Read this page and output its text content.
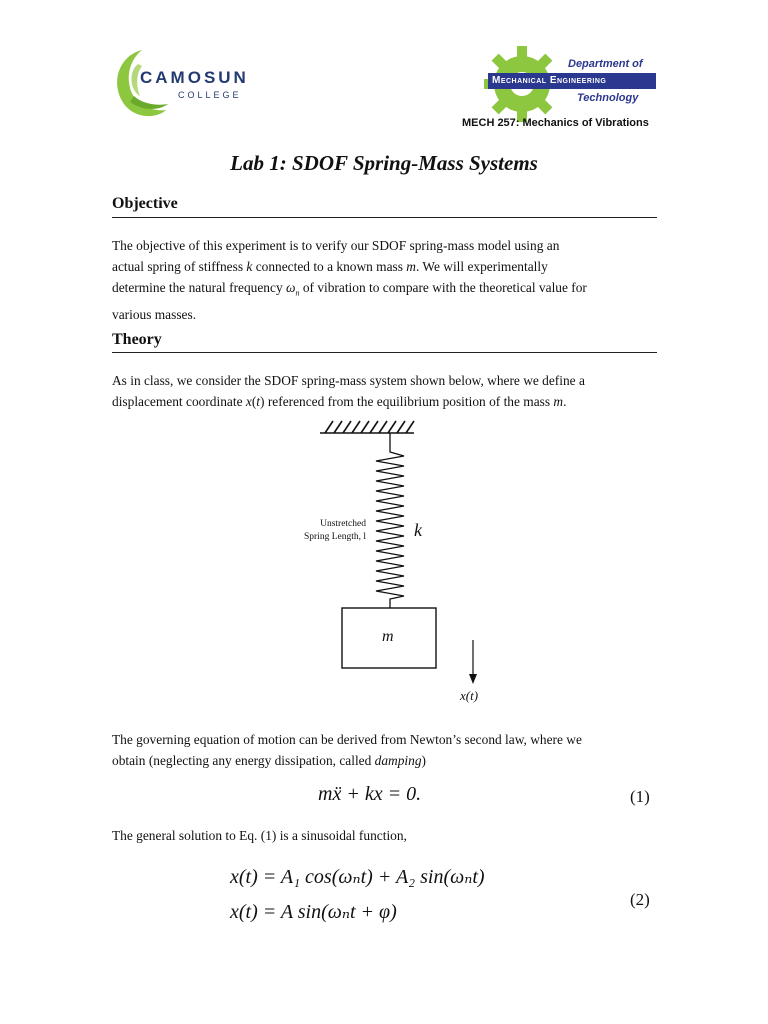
CAMOSUN
COLLEGE
Department of
Mechanical Engineering
Technology
MECH 257: Mechanics of Vibrations
Lab 1: SDOF Spring-Mass Systems
Objective
The objective of this experiment is to verify our SDOF spring-mass model using an
actual spring of stiffness k connected to a known mass m. We will experimentally
determine the natural frequency $\omega_n$ of vibration to compare with the theoretical value for
various masses.
Theory
As in class, we consider the SDOF spring-mass system shown below, where we define a
displacement coordinate x(t) referenced from the equilibrium position of the mass m.
Unstretched
Spring Length, l	k
m
x(t)
The governing equation of motion can be derived from Newton’s second law, where we
obtain (neglecting any energy dissipation, called damping)
mẍ + kx = 0.	(1)
The general solution to Eq. (1) is a sinusoidal function,
x(t) = A₁ cos(ωₙt) + A₂ sin(ωₙt)
x(t) = A sin(ωₙt + φ)
(2)
